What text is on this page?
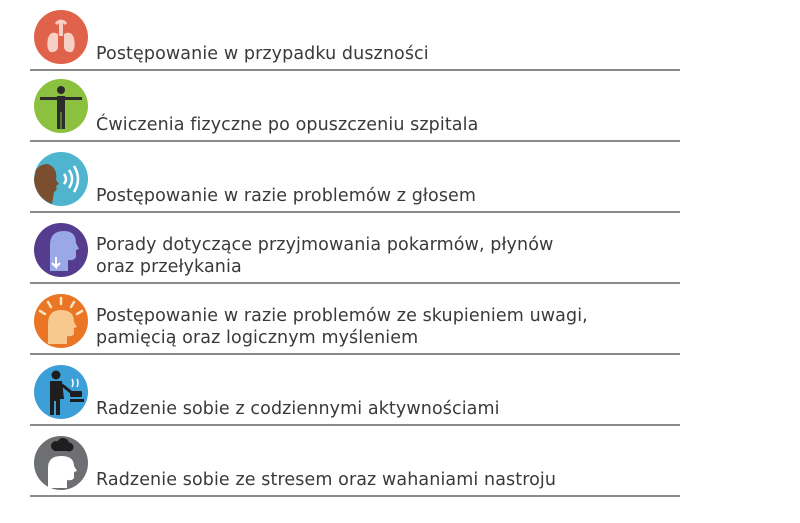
Postępowanie w przypadku duszności
Ćwiczenia fizyczne po opuszczeniu szpitala
Postępowanie w razie problemów z głosem
Porady dotyczące przyjmowania pokarmów, płynów
oraz przełykania
Postępowanie w razie problemów ze skupieniem uwagi,
pamięcią oraz logicznym myśleniem
Radzenie sobie z codziennymi aktywnościami
Radzenie sobie ze stresem oraz wahaniami nastroju
